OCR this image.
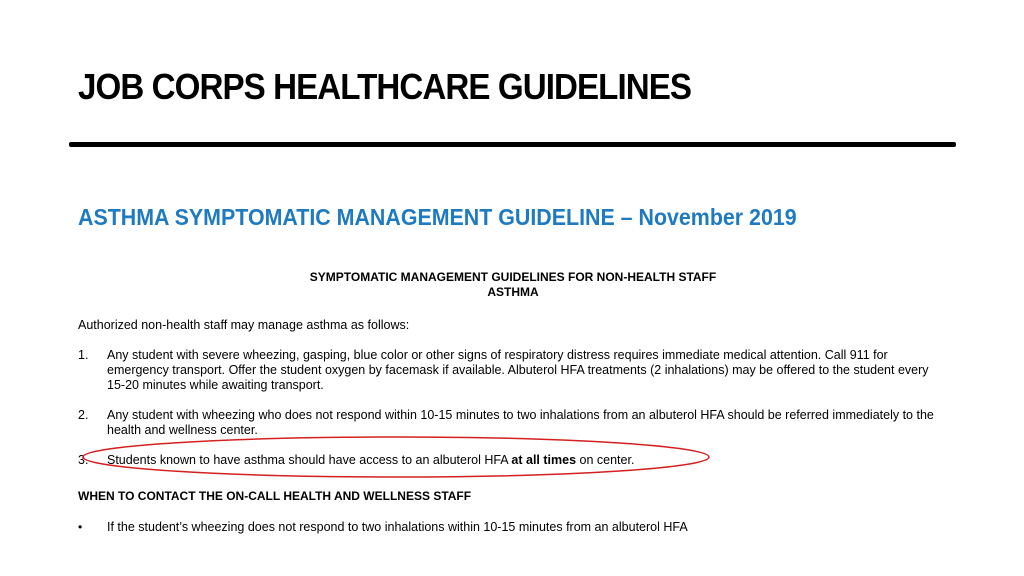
JOB CORPS HEALTHCARE GUIDELINES
ASTHMA SYMPTOMATIC MANAGEMENT GUIDELINE – November 2019
SYMPTOMATIC MANAGEMENT GUIDELINES FOR NON-HEALTH STAFF
ASTHMA

Authorized non-health staff may manage asthma as follows:

1.	Any student with severe wheezing, gasping, blue color or other signs of respiratory distress requires immediate medical attention. Call 911 for emergency transport. Offer the student oxygen by facemask if available. Albuterol HFA treatments (2 inhalations) may be offered to the student every 15-20 minutes while awaiting transport.
2.	Any student with wheezing who does not respond within 10-15 minutes to two inhalations from an albuterol HFA should be referred immediately to the health and wellness center.
3.	Students known to have asthma should have access to an albuterol HFA at all times on center.
WHEN TO CONTACT THE ON-CALL HEALTH AND WELLNESS STAFF
• If the student’s wheezing does not respond to two inhalations within 10-15 minutes from an albuterol HFA
